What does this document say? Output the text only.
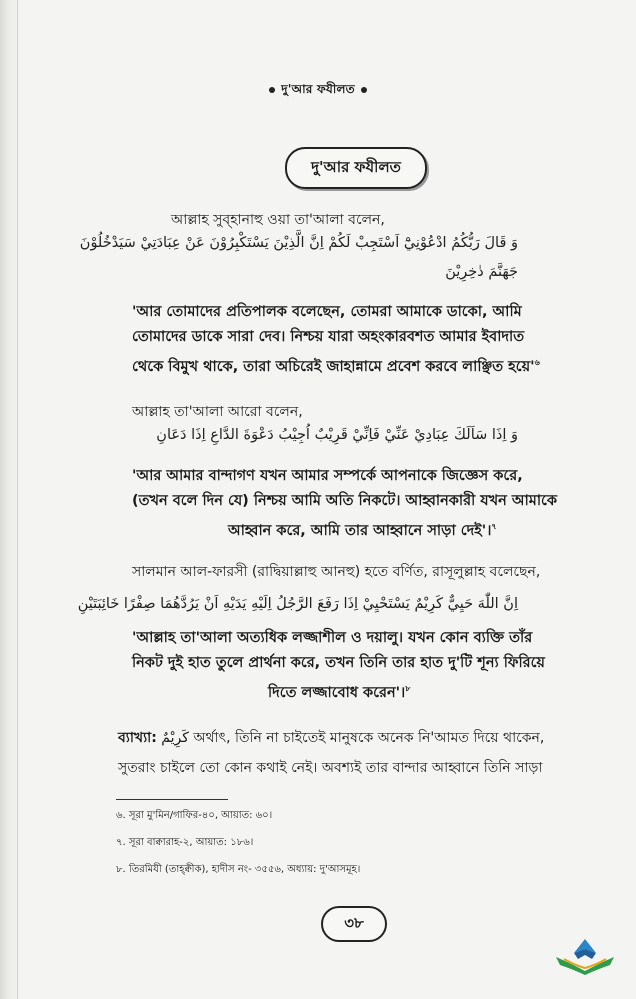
দু'আর ফযীলত
দু'আর ফযীলত
আল্লাহ সুব্হানাহু ওয়া তা'আলা বলেন,
وَ قَالَ رَبُّكُمُ ادْعُوْنِيْٓ اَسْتَجِبْ لَكُمْ اِنَّ الَّذِيْنَ يَسْتَكْبِرُوْنَ عَنْ عِبَادَتِيْ سَيَدْخُلُوْنَ
جَهَنَّمَ دٰخِرِيْنَ
'আর তোমাদের প্রতিপালক বলেছেন, তোমরা আমাকে ডাকো, আমি
তোমাদের ডাকে সারা দেব। নিশ্চয় যারা অহংকারবশত আমার ইবাদাত
থেকে বিমুখ থাকে, তারা অচিরেই জাহান্নামে প্রবেশ করবে লাঞ্ছিত $হয়ে'^৬$
আল্লাহ তা'আলা আরো বলেন,
وَ اِذَا سَاَلَكَ عِبَادِيْ عَنِّيْ فَاِنِّيْ قَرِيْبٌ اُجِيْبُ دَعْوَةَ الدَّاعِ اِذَا دَعَانِ
'আর আমার বান্দাগণ যখন আমার সম্পর্কে আপনাকে জিজ্ঞেস করে,
(তখন বলে দিন যে) নিশ্চয় আমি অতি নিকটে। আহ্বানকারী যখন আমাকে
আহ্বান করে, আমি তার আহ্বানে সাড়া দেই'।$^৭$
সালমান আল-ফারসী (রাদ্বিয়াল্লাহু আনহু) হতে বর্ণিত, রাসূলুল্লাহ বলেছেন,
اِنَّ اللّٰهَ حَيِيٌّ كَرِيْمٌ يَسْتَحْيِيْ اِذَا رَفَعَ الرَّجُلُ اِلَيْهِ يَدَيْهِ اَنْ يَرُدَّهُمَا صِفْرًا خَائِبَتَيْنِ
'আল্লাহ তা'আলা অত্যধিক লজ্জাশীল ও দয়ালু। যখন কোন ব্যক্তি তাঁর
নিকট দুই হাত তুলে প্রার্থনা করে, তখন তিনি তার হাত দু'টি শূন্য ফিরিয়ে
দিতে লজ্জাবোধ করেন'।$^৮$
ব্যাখ্যা: كَرِيْمٌ অর্থাৎ, তিনি না চাইতেই মানুষকে অনেক নি'আমত দিয়ে থাকেন,
সুতরাং চাইলে তো কোন কথাই নেই। অবশ্যই তার বান্দার আহ্বানে তিনি সাড়া
৬. সূরা মু'মিন/গাফির-৪০, আয়াত: ৬০।
৭. সূরা বাক্বারাহ-২, আয়াত: ১৮৬।
৮. তিরমিযী (তাহ্‌ক্বীক), হাদীস নং- ৩৫৫৬, অধ্যায়: দু'আসমূহ।
৩৮
